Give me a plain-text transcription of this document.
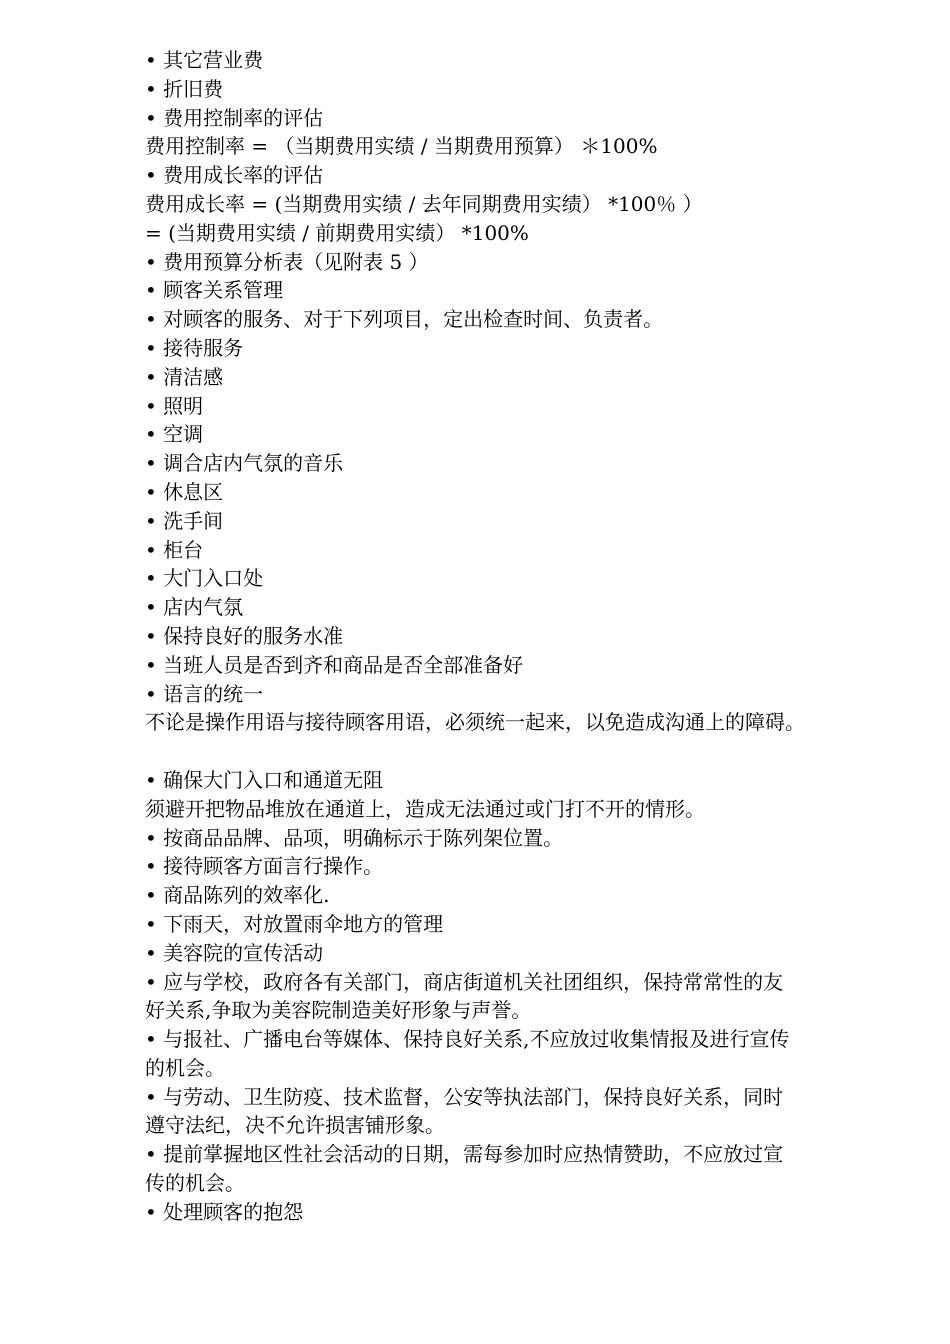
• 其它营业费
• 折旧费
• 费用控制率的评估
费用控制率 = （当期费用实绩 / 当期费用预算） ＊100%
• 费用成长率的评估
费用成长率 = (当期费用实绩 / 去年同期费用实绩） *100％ ）
= (当期费用实绩 / 前期费用实绩） *100%
• 费用预算分析表（见附表 5 ）
• 顾客关系管理
• 对顾客的服务、对于下列项目，定出检查时间、负责者。
• 接待服务
• 清洁感
• 照明
• 空调
• 调合店内气氛的音乐
• 休息区
• 洗手间
• 柜台
• 大门入口处
• 店内气氛
• 保持良好的服务水准
• 当班人员是否到齐和商品是否全部准备好
• 语言的统一
不论是操作用语与接待顾客用语，必须统一起来，以免造成沟通上的障碍。
• 确保大门入口和通道无阻
须避开把物品堆放在通道上，造成无法通过或门打不开的情形。
• 按商品品牌、品项，明确标示于陈列架位置。
• 接待顾客方面言行操作。
• 商品陈列的效率化.
• 下雨天，对放置雨伞地方的管理
• 美容院的宣传活动
• 应与学校，政府各有关部门，商店街道机关社团组织，保持常常性的友
好关系,争取为美容院制造美好形象与声誉。
• 与报社、广播电台等媒体、保持良好关系,不应放过收集情报及进行宣传
的机会。
• 与劳动、卫生防疫、技术监督，公安等执法部门，保持良好关系，同时
遵守法纪，决不允许损害铺形象。
• 提前掌握地区性社会活动的日期，需每参加时应热情赞助，不应放过宣
传的机会。
• 处理顾客的抱怨
